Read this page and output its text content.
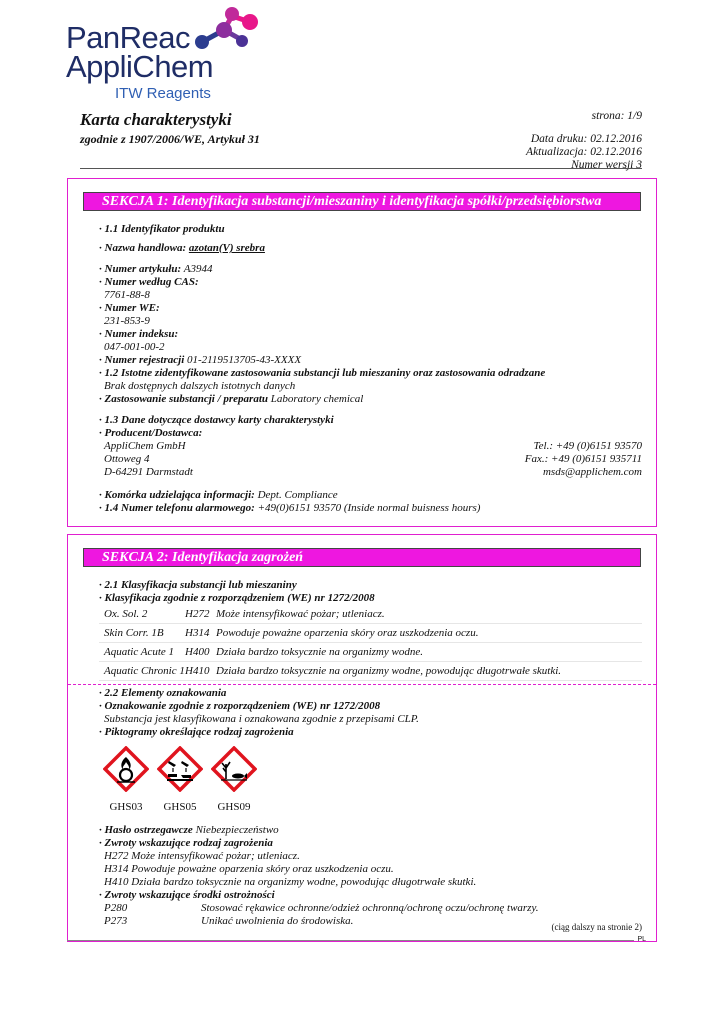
PanReac
AppliChem
ITW Reagents
Karta charakterystyki
zgodnie z 1907/2006/WE, Artykuł 31
strona: 1/9
Data druku: 02.12.2016
Aktualizacja: 02.12.2016
Numer wersji 3
SEKCJA 1: Identyfikacja substancji/mieszaniny i identyfikacja spółki/przedsiębiorstwa
· 1.1 Identyfikator produktu
· Nazwa handlowa: azotan(V) srebra
· Numer artykułu: A3944
· Numer według CAS:
7761-88-8
· Numer WE:
231-853-9
· Numer indeksu:
047-001-00-2
· Numer rejestracji 01-2119513705-43-XXXX
· 1.2 Istotne zidentyfikowane zastosowania substancji lub mieszaniny oraz zastosowania odradzane
Brak dostępnych dalszych istotnych danych
· Zastosowanie substancji / preparatu Laboratory chemical
· 1.3 Dane dotyczące dostawcy karty charakterystyki
· Producent/Dostawca:
AppliChem GmbH	Tel.: +49 (0)6151 93570
Ottoweg 4	Fax.: +49 (0)6151 935711
D-64291 Darmstadt	msds@applichem.com
· Komórka udzielająca informacji: Dept. Compliance
· 1.4 Numer telefonu alarmowego: +49(0)6151 93570 (Inside normal buisness hours)
SEKCJA 2: Identyfikacja zagrożeń
· 2.1 Klasyfikacja substancji lub mieszaniny
· Klasyfikacja zgodnie z rozporządzeniem (WE) nr 1272/2008
Ox. Sol. 2	H272 Może intensyfikować pożar; utleniacz.
Skin Corr. 1B	H314 Powoduje poważne oparzenia skóry oraz uszkodzenia oczu.
Aquatic Acute 1 H400 Działa bardzo toksycznie na organizmy wodne.
Aquatic Chronic 1 H410 Działa bardzo toksycznie na organizmy wodne, powodując długotrwałe skutki.
· 2.2 Elementy oznakowania
· Oznakowanie zgodnie z rozporządzeniem (WE) nr 1272/2008
Substancja jest klasyfikowana i oznakowana zgodnie z przepisami CLP.
· Piktogramy określające rodzaj zagrożenia
GHS03	GHS05	GHS09
· Hasło ostrzegawcze Niebezpieczeństwo
· Zwroty wskazujące rodzaj zagrożenia
H272 Może intensyfikować pożar; utleniacz.
H314 Powoduje poważne oparzenia skóry oraz uszkodzenia oczu.
H410 Działa bardzo toksycznie na organizmy wodne, powodując długotrwałe skutki.
· Zwroty wskazujące środki ostrożności
P280	Stosować rękawice ochronne/odzież ochronną/ochronę oczu/ochronę twarzy.
P273	Unikać uwolnienia do środowiska.	(ciąg dalszy na stronie 2)
PL
